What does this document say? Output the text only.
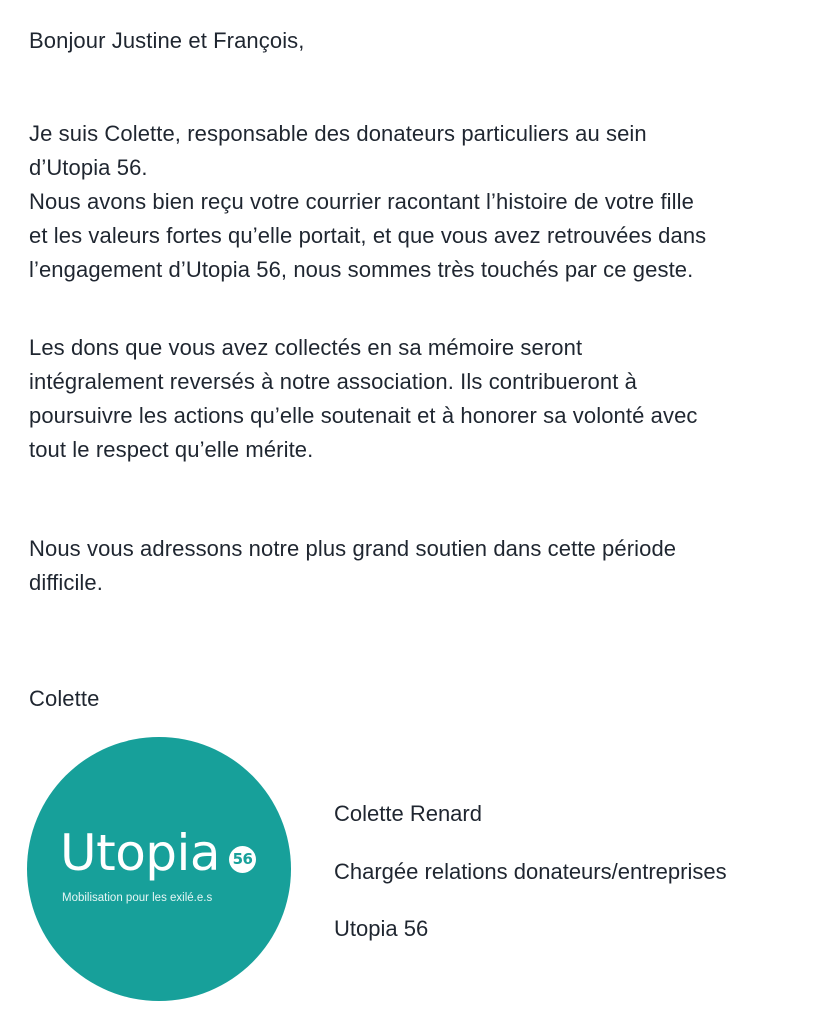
Bonjour Justine et François,
Je suis Colette, responsable des donateurs particuliers au sein
d’Utopia 56.
Nous avons bien reçu votre courrier racontant l’histoire de votre fille
et les valeurs fortes qu’elle portait, et que vous avez retrouvées dans
l’engagement d’Utopia 56, nous sommes très touchés par ce geste.
Les dons que vous avez collectés en sa mémoire seront
intégralement reversés à notre association. Ils contribueront à
poursuivre les actions qu’elle soutenait et à honorer sa volonté avec
tout le respect qu’elle mérite.
Nous vous adressons notre plus grand soutien dans cette période
difficile.
Colette
Utopia 56
Mobilisation pour les exilé.e.s
Colette Renard
Chargée relations donateurs/entreprises
Utopia 56
